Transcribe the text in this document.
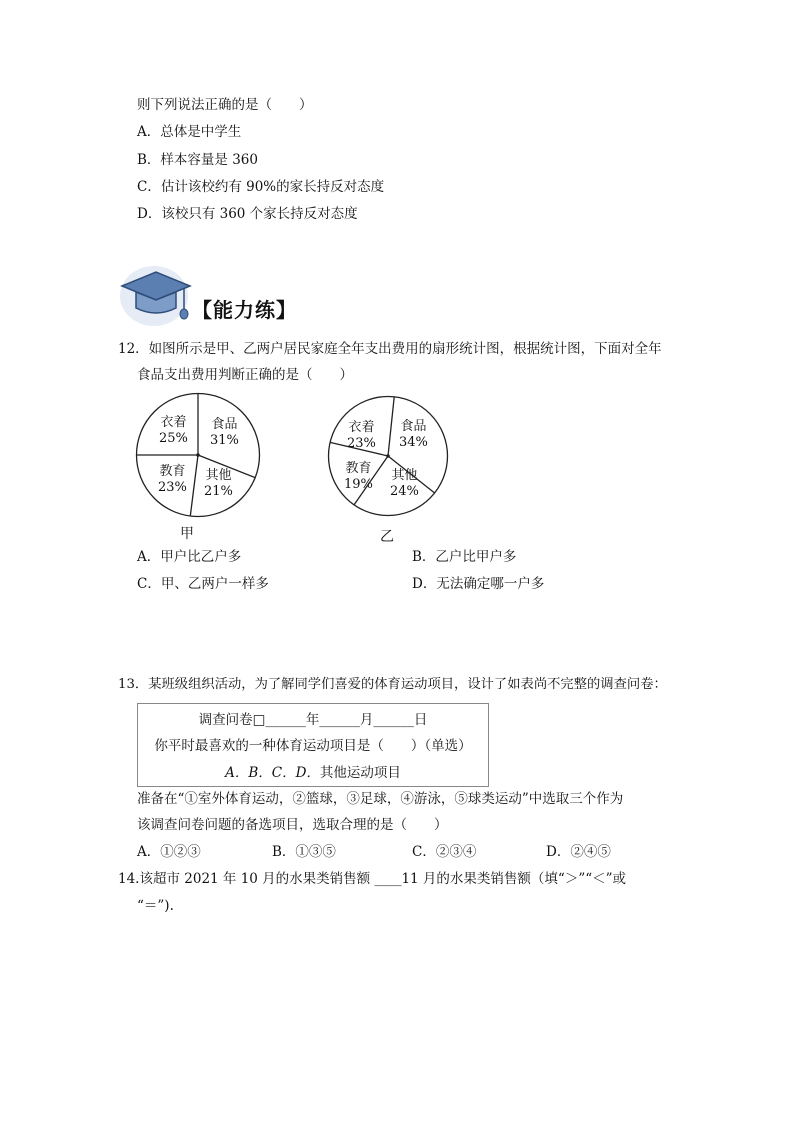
则下列说法正确的是（　　）
A．总体是中学生
B．样本容量是 360
C．估计该校约有 90%的家长持反对态度
D．该校只有 360 个家长持反对态度
【能力练】
12．如图所示是甲、乙两户居民家庭全年支出费用的扇形统计图，根据统计图，下面对全年
食品支出费用判断正确的是（　　）
衣着
25%
食品
31%
其他
21%
教育
23%
甲
衣着
23%
食品
34%
其他
24%
教育
19%
乙
A．甲户比乙户多	B．乙户比甲户多
C．甲、乙两户一样多	D．无法确定哪一户多
13．某班级组织活动，为了解同学们喜爱的体育运动项目，设计了如表尚不完整的调查问卷：
调查问卷□______年______月______日
你平时最喜欢的一种体育运动项目是（　　）（单选）
A．B．C．D．其他运动项目
准备在“①室外体育运动，②篮球，③足球，④游泳，⑤球类运动”中选取三个作为
该调查问卷问题的备选项目，选取合理的是（　　）
A．①②③	B．①③⑤	C．②③④	D．②④⑤
14.该超市 2021 年 10 月的水果类销售额 ____11 月的水果类销售额（填“＞”“＜”或
“＝”).
